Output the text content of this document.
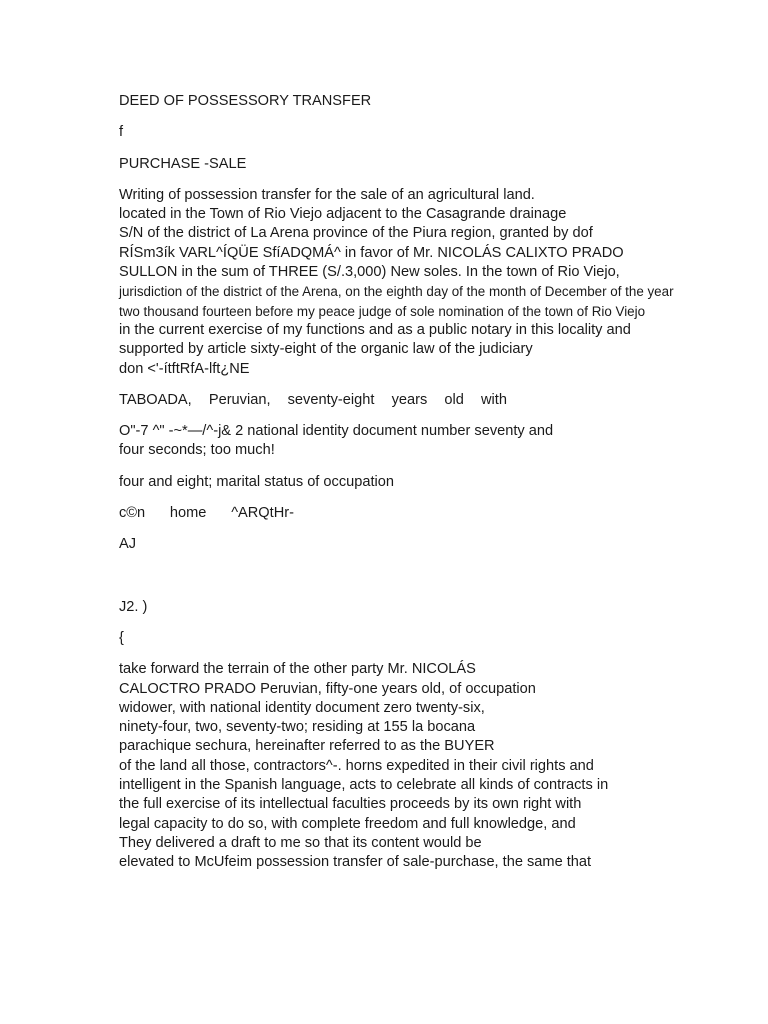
DEED OF POSSESSORY TRANSFER
f
PURCHASE -SALE
Writing of possession transfer for the sale of an agricultural land.
located in the Town of Rio Viejo adjacent to the Casagrande drainage
S/N of the district of La Arena province of the Piura region, granted by dof
RÍSm3ík VARL^ÍQÜE SfíADQMÁ^ in favor of Mr. NICOLÁS CALIXTO PRADO
SULLON in the sum of THREE (S/.3,000) New soles. In the town of Rio Viejo,
jurisdiction of the district of the Arena, on the eighth day of the month of December of the year
two thousand fourteen before my peace judge of sole nomination of the town of Rio Viejo
in the current exercise of my functions and as a public notary in this locality and
supported by article sixty-eight of the organic law of the judiciary
don <'-ítftRfA-lft¿NE
TABOADA, Peruvian, seventy-eight years old with
O"-7 ^" -~*—/^-j& 2 national identity document number seventy and
four seconds; too much!
four and eight; marital status of occupation
c©n home ^ARQtHr-
AJ
J2. )
{
take forward the terrain of the other party Mr. NICOLÁS
CALOCTRO PRADO Peruvian, fifty-one years old, of occupation
widower, with national identity document zero twenty-six,
ninety-four, two, seventy-two; residing at 155 la bocana
parachique sechura, hereinafter referred to as the BUYER
of the land all those, contractors^-. horns expedited in their civil rights and
intelligent in the Spanish language, acts to celebrate all kinds of contracts in
the full exercise of its intellectual faculties proceeds by its own right with
legal capacity to do so, with complete freedom and full knowledge, and
They delivered a draft to me so that its content would be
elevated to McUfeim possession transfer of sale-purchase, the same that
